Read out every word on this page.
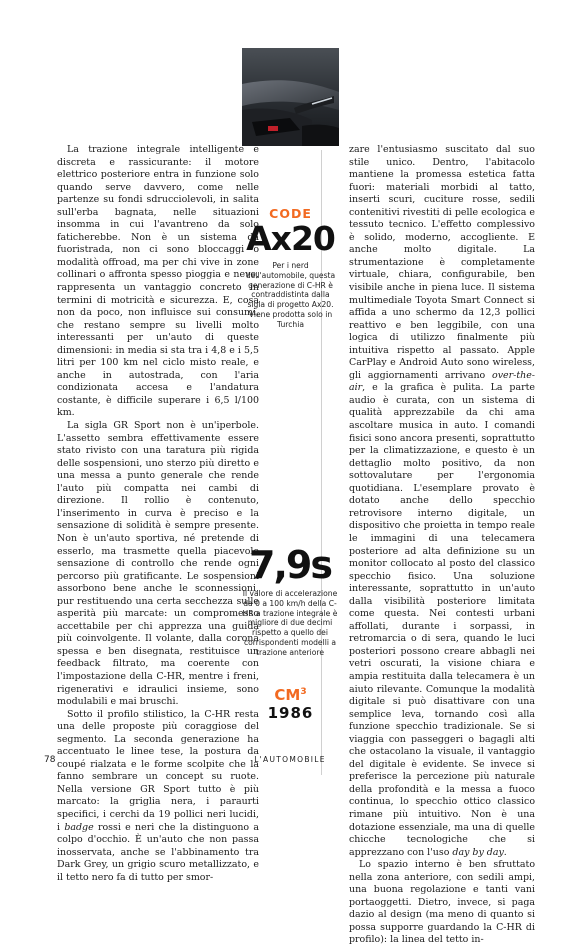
La trazione integrale intelligente è discreta e rassicurante: il motore elettrico posteriore entra in funzione solo quando serve davvero, come nelle partenze su fondi sdrucciolevoli, in salita sull'erba bagnata, nelle situazioni insomma in cui l'avantreno da solo faticherebbe. Non è un sistema da fuoristrada, non ci sono bloccaggi o modalità offroad, ma per chi vive in zone collinari o affronta spesso pioggia e neve, rappresenta un vantaggio concreto in termini di motricità e sicurezza. E, cosa non da poco, non influisce sui consumi, che restano sempre su livelli molto interessanti per un'auto di queste dimensioni: in media si sta tra i 4,8 e i 5,5 litri per 100 km nel ciclo misto reale, e anche in autostrada, con l'aria condizionata accesa e l'andatura costante, è difficile superare i 6,5 l/100 km.

La sigla GR Sport non è un'iperbole. L'assetto sembra effettivamente essere stato rivisto con una taratura più rigida delle sospensioni, uno sterzo più diretto e una messa a punto generale che rende l'auto più compatta nei cambi di direzione. Il rollio è contenuto, l'inserimento in curva è preciso e la sensazione di solidità è sempre presente. Non è un'auto sportiva, né pretende di esserlo, ma trasmette quella piacevole sensazione di controllo che rende ogni percorso più gratificante. Le sospensioni assorbono bene anche le sconnessioni, pur restituendo una certa secchezza sulle asperità più marcate: un compromesso accettabile per chi apprezza una guida più coinvolgente. Il volante, dalla corona spessa e ben disegnata, restituisce un feedback filtrato, ma coerente con l'impostazione della C-HR, mentre i freni, rigenerativi e idraulici insieme, sono modulabili e mai bruschi.

Sotto il profilo stilistico, la C-HR resta una delle proposte più coraggiose del segmento. La seconda generazione ha accentuato le linee tese, la postura da coupé rialzata e le forme scolpite che la fanno sembrare un concept su ruote. Nella versione GR Sport tutto è più marcato: la griglia nera, i paraurti specifici, i cerchi da 19 pollici neri lucidi, i badge rossi e neri che la distinguono a colpo d'occhio. È un'auto che non passa inosservata, anche se l'abbinamento tra Dark Grey, un grigio scuro metallizzato, e il tetto nero fa di tutto per smor-

CODE
Ax20
Per i nerd dell'automobile, questa generazione di C-HR è contraddistinta dalla sigla di progetto Ax20. Viene prodotta solo in Turchia
7,9s
Il valore di accelerazione da 0 a 100 km/h della C-HR a trazione integrale è migliore di due decimi rispetto a quello dei corrispondenti modelli a trazione anteriore
$CM^3$
1986

zare l'entusiasmo suscitato dal suo stile unico. Dentro, l'abitacolo mantiene la promessa estetica fatta fuori: materiali morbidi al tatto, inserti scuri, cuciture rosse, sedili contenitivi rivestiti di pelle ecologica e tessuto tecnico. L'effetto complessivo è solido, moderno, accogliente. E anche molto digitale. La strumentazione è completamente virtuale, chiara, configurabile, ben visibile anche in piena luce. Il sistema multimediale Toyota Smart Connect si affida a uno schermo da 12,3 pollici reattivo e ben leggibile, con una logica di utilizzo finalmente più intuitiva rispetto al passato. Apple CarPlay e Android Auto sono wireless, gli aggiornamenti arrivano over-the-air, e la grafica è pulita. La parte audio è curata, con un sistema di qualità apprezzabile da chi ama ascoltare musica in auto. I comandi fisici sono ancora presenti, soprattutto per la climatizzazione, e questo è un dettaglio molto positivo, da non sottovalutare per l'ergonomia quotidiana. L'esemplare provato è dotato anche dello specchio retrovisore interno digitale, un dispositivo che proietta in tempo reale le immagini di una telecamera posteriore ad alta definizione su un monitor collocato al posto del classico specchio fisico. Una soluzione interessante, soprattutto in un'auto dalla visibilità posteriore limitata come questa. Nei contesti urbani affollati, durante i sorpassi, in retromarcia o di sera, quando le luci posteriori possono creare abbagli nei vetri oscurati, la visione chiara e ampia restituita dalla telecamera è un aiuto rilevante. Comunque la modalità digitale si può disattivare con una semplice leva, tornando così alla funzione specchio tradizionale. Se si viaggia con passeggeri o bagagli alti che ostacolano la visuale, il vantaggio del digitale è evidente. Se invece si preferisce la percezione più naturale della profondità e la messa a fuoco continua, lo specchio ottico classico rimane più intuitivo. Non è una dotazione essenziale, ma una di quelle chicche tecnologiche che si apprezzano con l'uso day by day.

Lo spazio interno è ben sfruttato nella zona anteriore, con sedili ampi, una buona regolazione e tanti vani portaoggetti. Dietro, invece, si paga dazio al design (ma meno di quanto si possa supporre guardando la C-HR di profilo): la linea del tetto in-

78	L'AUTOMOBILE
